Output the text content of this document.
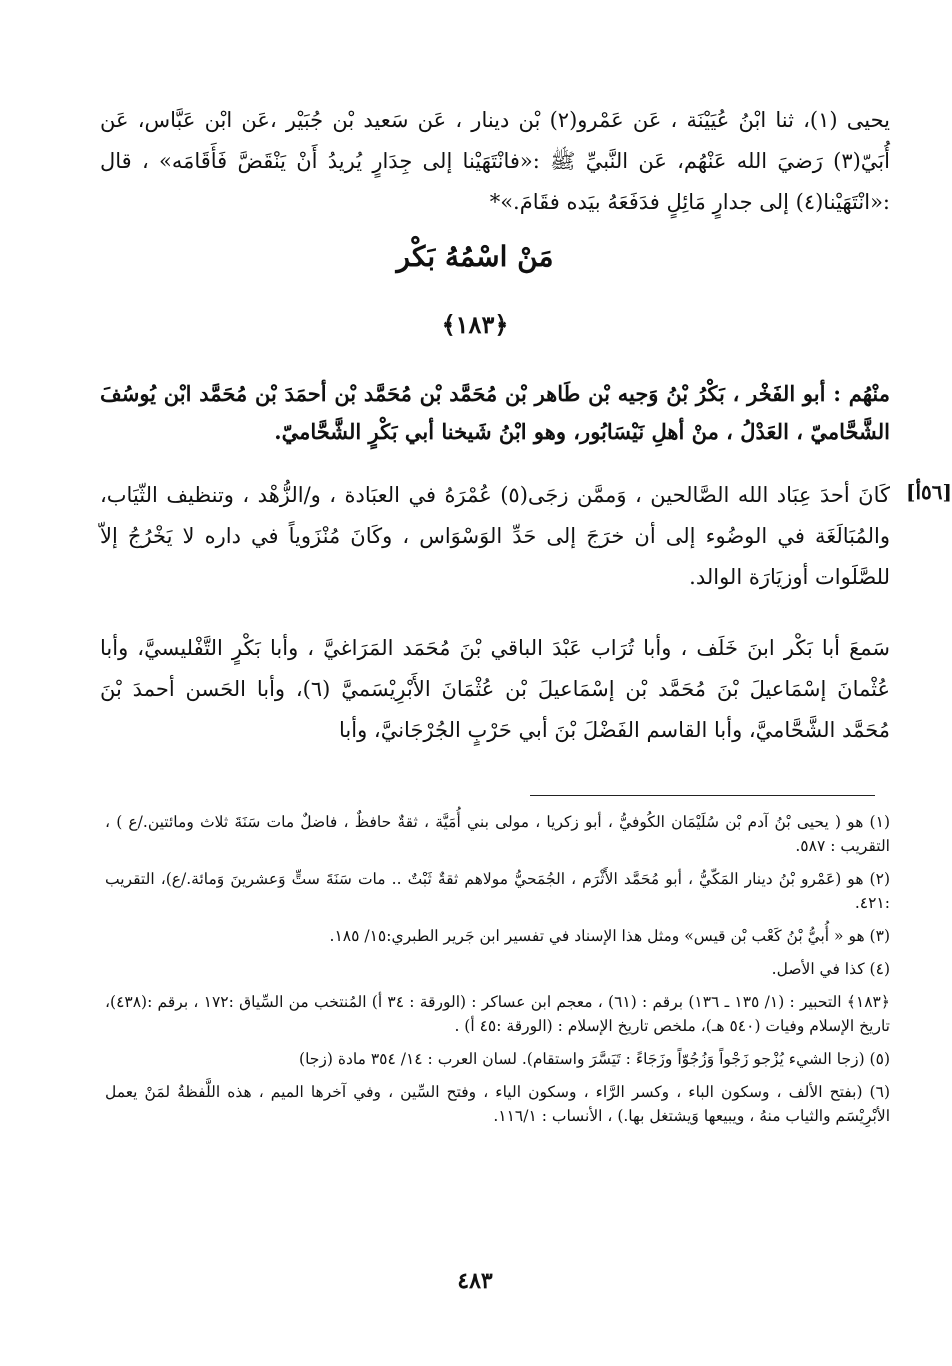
يحيى (١)، ثنا ابْنُ عُيَيْنَة ، عَن عَمْرو(٢) بْن دينار ، عَن سَعيد بْن جُبَيْر ،عَن ابْن عَبَّاس، عَن أُبَيّ(٣) رَضيَ الله عَنْهُم، عَن النَّبيِّ ﷺ :«فانْتَهَيْنا إلى جِدَارٍ يُريدُ أَنْ يَنْقَضَّ فَأَقَامَه» ، قال :«انْتَهَيْنا(٤) إلى جدارٍ مَائِلٍ فدَفَعَهُ بيَده فقَامَ.»*

مَنْ اسْمُهُ بَكْر
﴿١٨٣﴾

منْهُم : أبو الفَخْر ، بَكْرُ بْنُ وَجيه بْن طَاهر بْن مُحَمَّد بْن مُحَمَّد بْن أحمَدَ بْن مُحَمَّد ابْن يُوسُفَ الشَّحَّاميّ ، العَدْلُ ، منْ أهلِ نَيْسَابُور، وهو ابْنُ شَيخنا أبي بَكْرٍ الشَّحَّاميّ.

[٥٦أ]

كَانَ أحدَ عِبَاد الله الصَّالحين ، وَممَّن زجَى(٥) عُمْرَهُ في العبَادة ، و/الزُّهْد ، وتنظيف الثّيَاب، والمُبَالَغَة في الوضُوء إلى أن خرَجَ إلى حَدِّ الوَسْوَاس ، وكَانَ مُنْزَوياً في داره لا يَخْرُجُ إلاّ للصَّلَوات أوزيَارَة الوالد.

سَمعَ أبا بَكْر ابنَ خَلَف ، وأبا تُرَاب عَبْدَ الباقي بْنَ مُحَمَد المَرَاغيَّ ، وأبا بَكْرٍ التَّفْليسيَّ، وأبا عُثْمانَ إسْمَاعيلَ بْنَ مُحَمَّد بْن إسْمَاعيلَ بْن عُثْمَانَ الأَبْرِيْسَميَّ (٦)، وأبا الحَسن أحمدَ بْنَ مُحَمَّد الشَّحَّاميَّ، وأبا القاسم الفَضْلَ بْنَ أبي حَرْبٍ الجُرْجَانيَّ، وأبا

(١) هو ( يحيى بْنُ آدم بْن سُلَيْمَان الكُوفيُّ ، أبو زكريا ، مولى بني أُمَيَّة ، ثقةٌ حافظٌ ، فاضلٌ مات سَنَةَ ثلاث ومائتين./ع ) ، التقريب : ٥٨٧.

(٢) هو (عَمْرو بْنُ دينار المَكّيُّ ، أبو مُحَمَّد الأَثْرَم ، الجُمَحيُّ مولاهم ثقةٌ ثَبْتٌ .. مات سَنَةَ ستٍّ وَعشرينَ وَمائة./ع)، التقريب :٤٢١.

(٣) هو « أُبيُّ بْنُ كَعْب بْن قيس» ومثل هذا الإسناد في تفسير ابن جَرير الطبري:١٥/ ١٨٥.

(٤) كذا في الأصل.

﴿١٨٣﴾ التحبير : (١/ ١٣٥ ـ ١٣٦) برقم : (٦١) ، معجم ابن عساكر : (الورقة : ٣٤ أ) المُنتخب من السِّياق :١٧٢ ، برقم :(٤٣٨)، تاريخ الإسلام وفيات (٥٤٠ هـ)، ملخص تاريخ الإسلام : (الورقة :٤٥ أ) .

(٥) (زجا الشيء يُزْجو زَجْواً وَزُجُوّاً وزَجَاءً : تَيَسَّرَ واستقام). لسان العرب : ١٤/ ٣٥٤ مادة (زجا)

(٦) (بفتح الألف ، وسكون الباء ، وكسر الرَّاء ، وسكون الياء ، وفتح السِّين ، وفي آخرها الميم ، هذه اللَّفظةُ لمَنْ يعمل الأبْرِيْسَم والثياب منهُ ، ويبيعها وَيشتغل بها.) ، الأنساب : ١١٦/١.

٤٨٣
